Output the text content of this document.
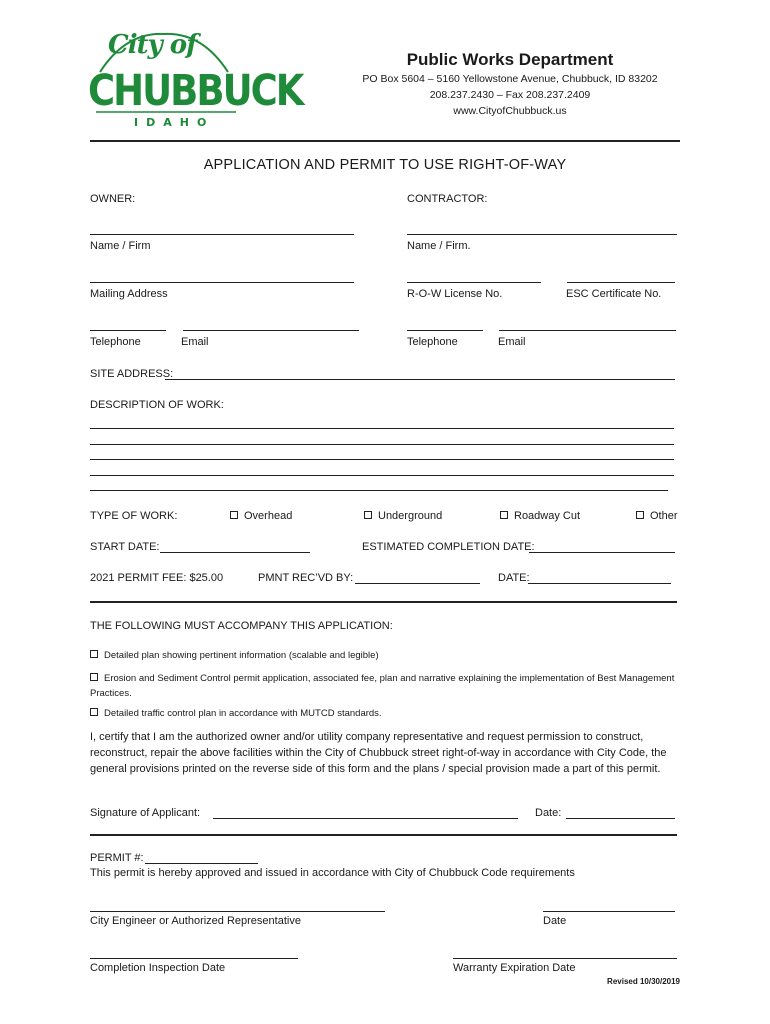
City of
CHUBBUCK
IDAHO
Public Works Department
PO Box 5604 – 5160 Yellowstone Avenue, Chubbuck, ID 83202
208.237.2430 – Fax 208.237.2409
www.CityofChubbuck.us
APPLICATION AND PERMIT TO USE RIGHT-OF-WAY
OWNER:	CONTRACTOR:
Name / Firm	Name / Firm.
Mailing Address	R-O-W License No.	ESC Certificate No.
Telephone	Email	Telephone	Email
SITE ADDRESS:
DESCRIPTION OF WORK:
TYPE OF WORK:	Overhead	Underground	Roadway Cut	Other
START DATE:	ESTIMATED COMPLETION DATE:
2021 PERMIT FEE: $25.00	PMNT REC’VD BY:	DATE:
THE FOLLOWING MUST ACCOMPANY THIS APPLICATION:
Detailed plan showing pertinent information (scalable and legible)
Erosion and Sediment Control permit application, associated fee, plan and narrative explaining the implementation of Best Management Practices.
Detailed traffic control plan in accordance with MUTCD standards.
I, certify that I am the authorized owner and/or utility company representative and request permission to construct, reconstruct, repair the above facilities within the City of Chubbuck street right-of-way in accordance with City Code, the general provisions printed on the reverse side of this form and the plans / special provision made a part of this permit.
Signature of Applicant:	Date:
PERMIT #:
This permit is hereby approved and issued in accordance with City of Chubbuck Code requirements
City Engineer or Authorized Representative	Date
Completion Inspection Date	Warranty Expiration Date
Revised 10/30/2019
